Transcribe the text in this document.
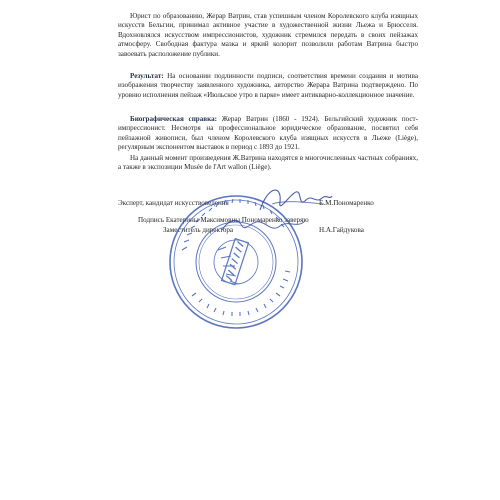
Юрист по образованию, Жерар Ватрин, став успешным членом Королевского клуба изящных искусств Бельгии, принимал активное участие в художественной жизни Льежа и Брюсселя. Вдохновлялся искусством импрессионистов, художник стремился передать в своих пейзажах атмосферу. Свободная фактура мазка и яркий колорит позволили работам Ватрина быстро завоевать расположение публики.
Результат: На основании подлинности подписи, соответствия времени создания и мотива изображения творчеству заявленного художника, авторство Жерара Ватрина подтверждено. По уровню исполнения пейзаж «Июльское утро в парке» имеет антикварно-коллекционное значение.
Биографическая справка: Жерар Ватрин (1860 - 1924). Бельгийский художник пост-импрессионист. Несмотря на профессиональное юридическое образование, посвятил себя пейзажной живописи, был членом Королевского клуба изящных искусств в Льеже (Liège), регулярным экспонентом выставок в период с 1893 до 1921.
На данный момент произведения Ж.Ватрина находятся в многочисленных частных собраниях, а также в экспозиции Musée de l'Art wallon (Liège).
Эксперт, кандидат искусствоведения	Е.М.Пономаренко
Подпись Екатерины Максимовны Пономаренко заверяю
Заместитель директора	Н.А.Гайдукова
